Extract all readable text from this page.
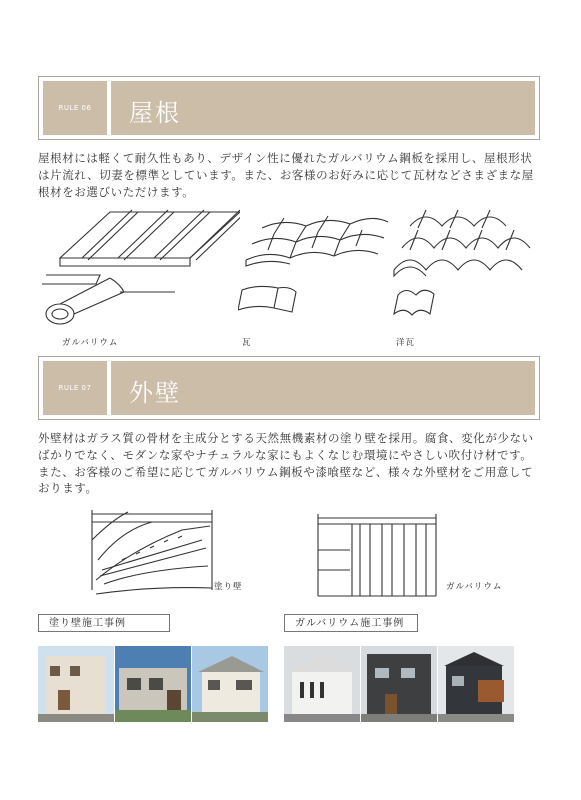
RULE 06	屋根
屋根材には軽くて耐久性もあり、デザイン性に優れたガルバリウム鋼板を採用し、屋根形状は片流れ、切妻を標準としています。また、お客様のお好みに応じて瓦材などさまざまな屋根材をお選びいただけます。
ガルバリウム	瓦	洋瓦
RULE 07	外壁
外壁材はガラス質の骨材を主成分とする天然無機素材の塗り壁を採用。腐食、変化が少ないばかりでなく、モダンな家やナチュラルな家にもよくなじむ環境にやさしい吹付け材です。また、お客様のご希望に応じてガルバリウム鋼板や漆喰壁など、様々な外壁材をご用意しております。
塗り壁	ガルバリウム
塗り壁施工事例	ガルバリウム施工事例
